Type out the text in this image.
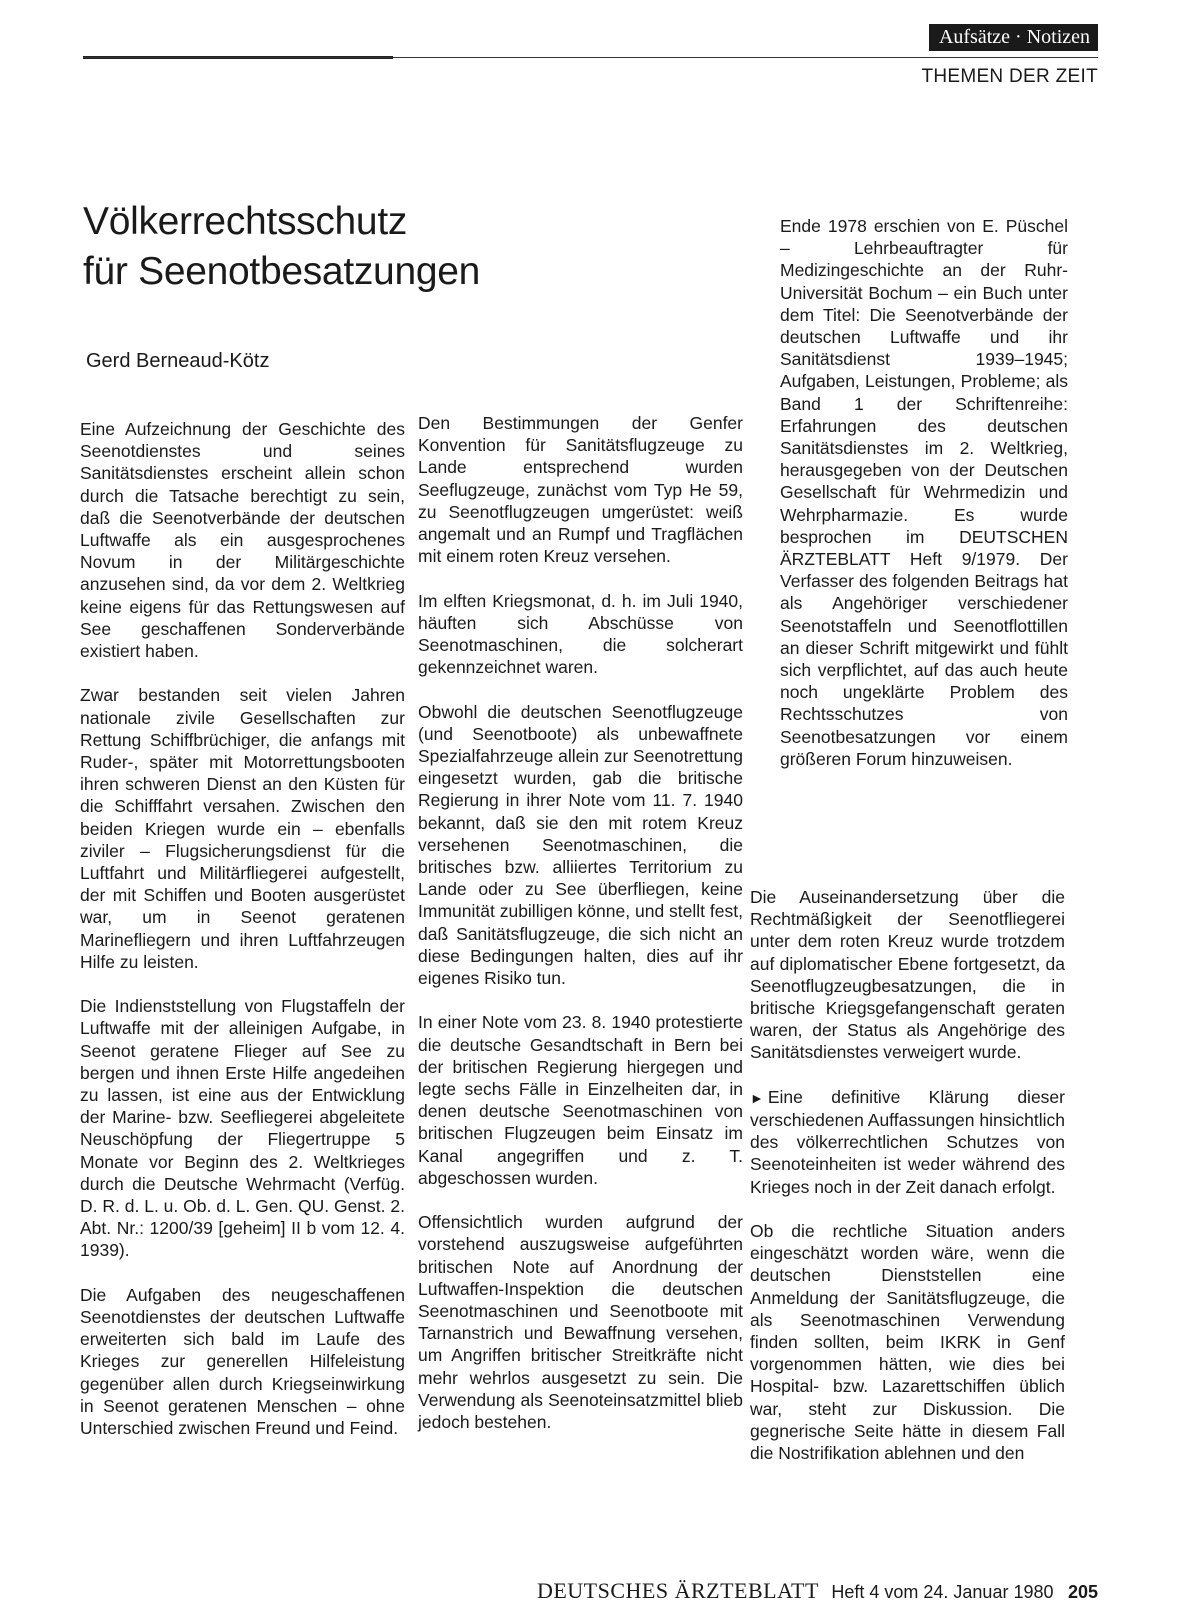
Aufsätze · Notizen
THEMEN DER ZEIT
Völkerrechtsschutz
für Seenotbesatzungen
Gerd Berneaud-Kötz

Eine Aufzeichnung der Geschichte des Seenotdienstes und seines Sanitätsdienstes erscheint allein schon durch die Tatsache berechtigt zu sein, daß die Seenotverbände der deutschen Luftwaffe als ein ausgesprochenes Novum in der Militärgeschichte anzusehen sind, da vor dem 2. Weltkrieg keine eigens für das Rettungswesen auf See geschaffenen Sonderverbände existiert haben.

Zwar bestanden seit vielen Jahren nationale zivile Gesellschaften zur Rettung Schiffbrüchiger, die anfangs mit Ruder-, später mit Motorrettungsbooten ihren schweren Dienst an den Küsten für die Schifffahrt versahen. Zwischen den beiden Kriegen wurde ein – ebenfalls ziviler – Flugsicherungsdienst für die Luftfahrt und Militärfliegerei aufgestellt, der mit Schiffen und Booten ausgerüstet war, um in Seenot geratenen Marinefliegern und ihren Luftfahrzeugen Hilfe zu leisten.

Die Indienststellung von Flugstaffeln der Luftwaffe mit der alleinigen Aufgabe, in Seenot geratene Flieger auf See zu bergen und ihnen Erste Hilfe angedeihen zu lassen, ist eine aus der Entwicklung der Marine- bzw. Seefliegerei abgeleitete Neuschöpfung der Fliegertruppe 5 Monate vor Beginn des 2. Weltkrieges durch die Deutsche Wehrmacht (Verfüg. D. R. d. L. u. Ob. d. L. Gen. QU. Genst. 2. Abt. Nr.: 1200/39 [geheim] II b vom 12. 4. 1939).

Die Aufgaben des neugeschaffenen Seenotdienstes der deutschen Luftwaffe erweiterten sich bald im Laufe des Krieges zur generellen Hilfeleistung gegenüber allen durch Kriegseinwirkung in Seenot geratenen Menschen – ohne Unterschied zwischen Freund und Feind.

Den Bestimmungen der Genfer Konvention für Sanitätsflugzeuge zu Lande entsprechend wurden Seeflugzeuge, zunächst vom Typ He 59, zu Seenotflugzeugen umgerüstet: weiß angemalt und an Rumpf und Tragflächen mit einem roten Kreuz versehen.

Im elften Kriegsmonat, d. h. im Juli 1940, häuften sich Abschüsse von Seenotmaschinen, die solcherart gekennzeichnet waren.

Obwohl die deutschen Seenotflugzeuge (und Seenotboote) als unbewaffnete Spezialfahrzeuge allein zur Seenotrettung eingesetzt wurden, gab die britische Regierung in ihrer Note vom 11. 7. 1940 bekannt, daß sie den mit rotem Kreuz versehenen Seenotmaschinen, die britisches bzw. alliiertes Territorium zu Lande oder zu See überfliegen, keine Immunität zubilligen könne, und stellt fest, daß Sanitätsflugzeuge, die sich nicht an diese Bedingungen halten, dies auf ihr eigenes Risiko tun.

In einer Note vom 23. 8. 1940 protestierte die deutsche Gesandtschaft in Bern bei der britischen Regierung hiergegen und legte sechs Fälle in Einzelheiten dar, in denen deutsche Seenotmaschinen von britischen Flugzeugen beim Einsatz im Kanal angegriffen und z. T. abgeschossen wurden.

Offensichtlich wurden aufgrund der vorstehend auszugsweise aufgeführten britischen Note auf Anordnung der Luftwaffen-Inspektion die deutschen Seenotmaschinen und Seenotboote mit Tarnanstrich und Bewaffnung versehen, um Angriffen britischer Streitkräfte nicht mehr wehrlos ausgesetzt zu sein. Die Verwendung als Seenoteinsatzmittel blieb jedoch bestehen.

Ende 1978 erschien von E. Püschel – Lehrbeauftragter für Medizingeschichte an der Ruhr-Universität Bochum – ein Buch unter dem Titel: Die Seenotverbände der deutschen Luftwaffe und ihr Sanitätsdienst 1939–1945; Aufgaben, Leistungen, Probleme; als Band 1 der Schriftenreihe: Erfahrungen des deutschen Sanitätsdienstes im 2. Weltkrieg, herausgegeben von der Deutschen Gesellschaft für Wehrmedizin und Wehrpharmazie. Es wurde besprochen im DEUTSCHEN ÄRZTEBLATT Heft 9/1979. Der Verfasser des folgenden Beitrags hat als Angehöriger verschiedener Seenotstaffeln und Seenotflottillen an dieser Schrift mitgewirkt und fühlt sich verpflichtet, auf das auch heute noch ungeklärte Problem des Rechtsschutzes von Seenotbesatzungen vor einem größeren Forum hinzuweisen.

Die Auseinandersetzung über die Rechtmäßigkeit der Seenotfliegerei unter dem roten Kreuz wurde trotzdem auf diplomatischer Ebene fortgesetzt, da Seenotflugzeugbesatzungen, die in britische Kriegsgefangenschaft geraten waren, der Status als Angehörige des Sanitätsdienstes verweigert wurde.

► Eine definitive Klärung dieser verschiedenen Auffassungen hinsichtlich des völkerrechtlichen Schutzes von Seenoteinheiten ist weder während des Krieges noch in der Zeit danach erfolgt.

Ob die rechtliche Situation anders eingeschätzt worden wäre, wenn die deutschen Dienststellen eine Anmeldung der Sanitätsflugzeuge, die als Seenotmaschinen Verwendung finden sollten, beim IKRK in Genf vorgenommen hätten, wie dies bei Hospital- bzw. Lazarettschiffen üblich war, steht zur Diskussion. Die gegnerische Seite hätte in diesem Fall die Nostrifikation ablehnen und den

DEUTSCHES ÄRZTEBLATT Heft 4 vom 24. Januar 1980 205
